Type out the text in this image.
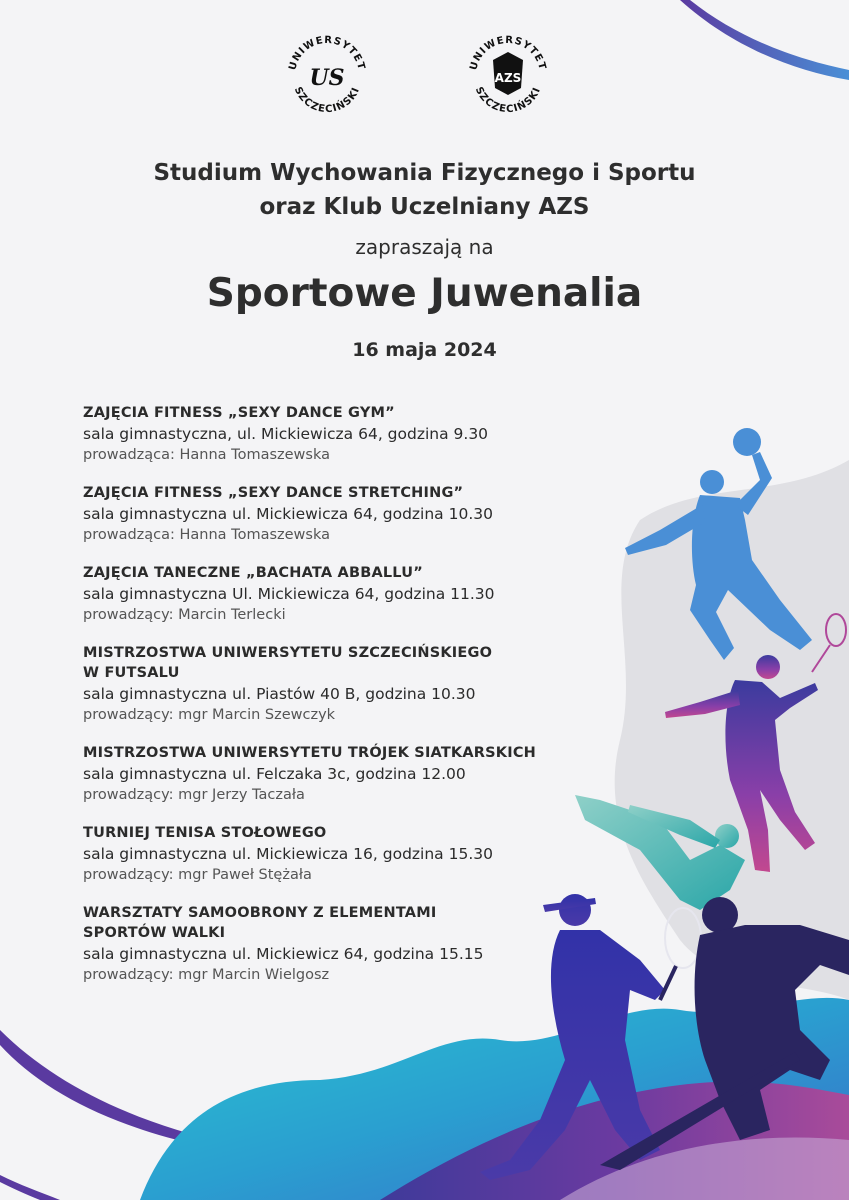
UNIWERSYTET
SZCZECIŃSKI
US	UNIWERSYTET
SZCZECIŃSKI
AZS
Studium Wychowania Fizycznego i Sportu
oraz Klub Uczelniany AZS
zapraszają na
Sportowe Juwenalia
16 maja 2024
ZAJĘCIA FITNESS „SEXY DANCE GYM”
sala gimnastyczna, ul. Mickiewicza 64, godzina 9.30
prowadząca: Hanna Tomaszewska
ZAJĘCIA FITNESS „SEXY DANCE STRETCHING”
sala gimnastyczna ul. Mickiewicza 64, godzina 10.30
prowadząca: Hanna Tomaszewska
ZAJĘCIA TANECZNE „BACHATA ABBALLU”
sala gimnastyczna Ul. Mickiewicza 64, godzina 11.30
prowadzący: Marcin Terlecki
MISTRZOSTWA UNIWERSYTETU SZCZECIŃSKIEGO
W FUTSALU
sala gimnastyczna ul. Piastów 40 B, godzina 10.30
prowadzący: mgr Marcin Szewczyk
MISTRZOSTWA UNIWERSYTETU TRÓJEK SIATKARSKICH
sala gimnastyczna ul. Felczaka 3c, godzina 12.00
prowadzący: mgr Jerzy Taczała
TURNIEJ TENISA STOŁOWEGO
sala gimnastyczna ul. Mickiewicza 16, godzina 15.30
prowadzący: mgr Paweł Stężała
WARSZTATY SAMOOBRONY Z ELEMENTAMI
SPORTÓW WALKI
sala gimnastyczna ul. Mickiewicz 64, godzina 15.15
prowadzący: mgr Marcin Wielgosz
